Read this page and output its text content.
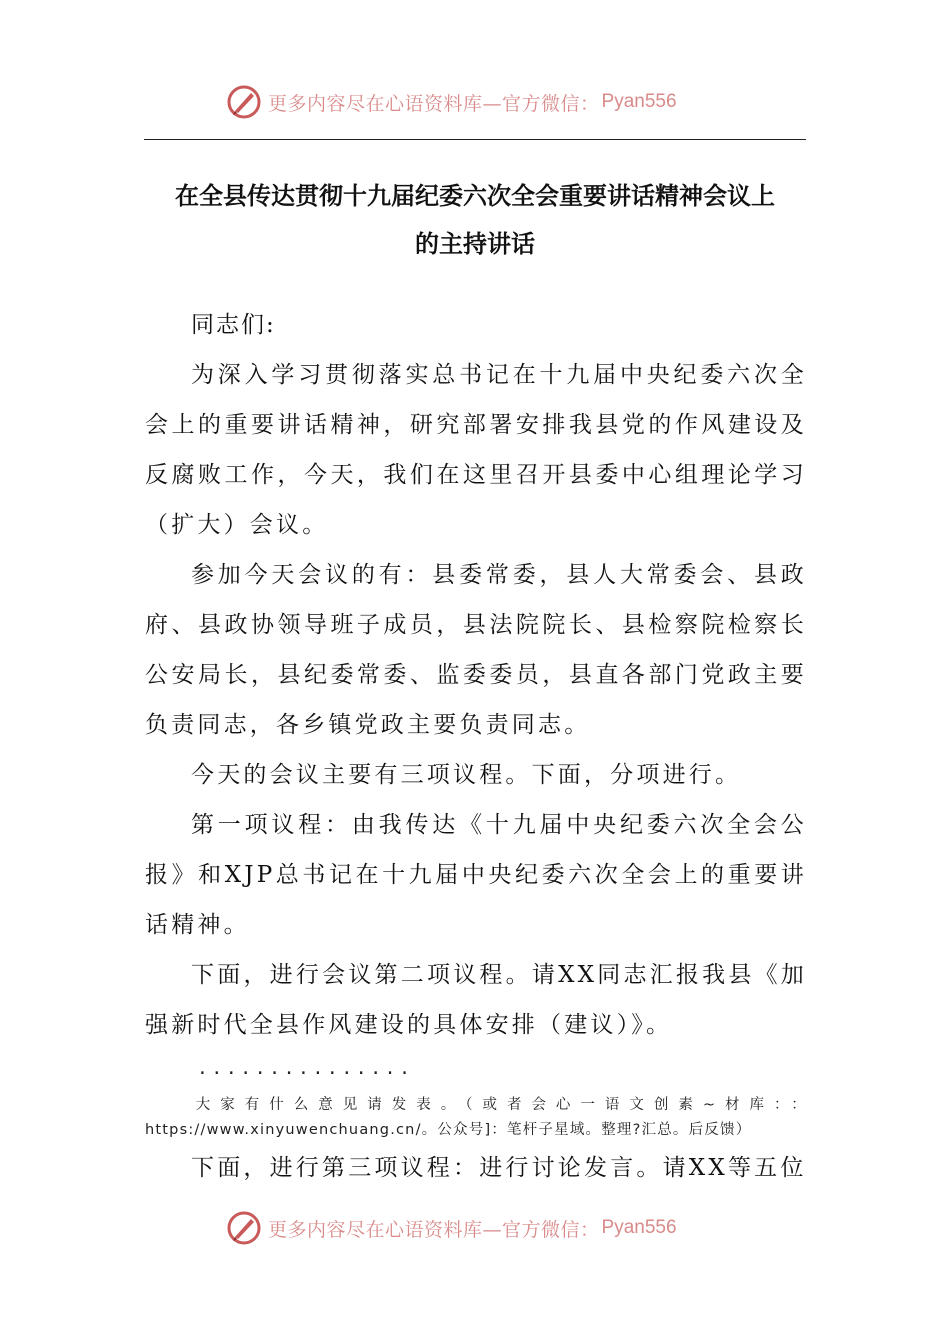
更多内容尽在心语资料库—官方微信： Pyan556
在全县传达贯彻十九届纪委六次全会重要讲话精神会议上
的主持讲话

同志们:

为深入学习贯彻落实总书记在十九届中央纪委六次全会上的重要讲话精神，研究部署安排我县党的作风建设及反腐败工作，今天，我们在这里召开县委中心组理论学习（扩大）会议。

参加今天会议的有：县委常委，县人大常委会、县政府、县政协领导班子成员，县法院院长、县检察院检察长公安局长，县纪委常委、监委委员，县直各部门党政主要负责同志，各乡镇党政主要负责同志。

今天的会议主要有三项议程。下面，分项进行。

第一项议程：由我传达《十九届中央纪委六次全会公报》和XJP总书记在十九届中央纪委六次全会上的重要讲话精神。

下面，进行会议第二项议程。请XX同志汇报我县《加强新时代全县作风建设的具体安排（建议）》。

...............
大家有什么意见请发表。（或者会心一语文创素~材库：：https://www.xinyuwenchuang.cn/。公众号]：笔杆子星域。整理?汇总。后反馈）
下面，进行第三项议程：进行讨论发言。请XX等五位
更多内容尽在心语资料库—官方微信： Pyan556
